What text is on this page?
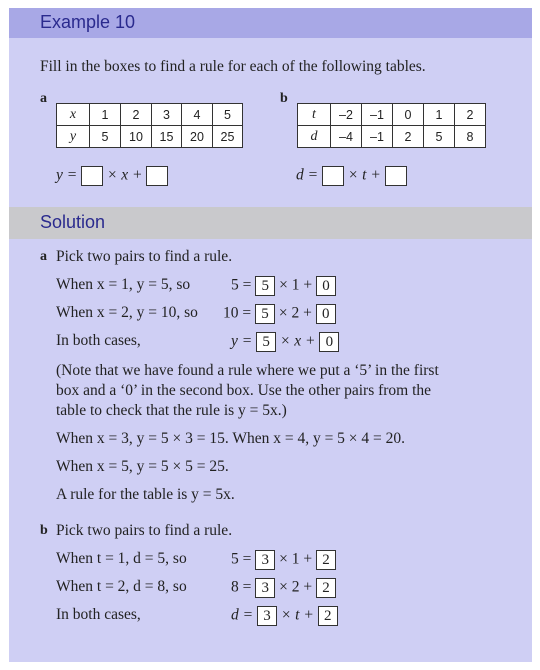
Example 10
Fill in the boxes to find a rule for each of the following tables.
a	b
x	1	2	3	4	5
y	5	10	15	20	25
t	–2	–1	0	1	2
d	–4	–1	2	5	8
y = × x +	d = × t +
Solution
a Pick two pairs to find a rule.
When x = 1, y = 5, so	5 = 5 × 1 + 0
When x = 2, y = 10, so 10 = 5 × 2 + 0
In both cases,	y = 5 × x + 0
(Note that we have found a rule where we put a ‘5’ in the first
box and a ‘0’ in the second box. Use the other pairs from the
table to check that the rule is y = 5x.)
When x = 3, y = 5 × 3 = 15. When x = 4, y = 5 × 4 = 20.
When x = 5, y = 5 × 5 = 25.
A rule for the table is y = 5x.
b Pick two pairs to find a rule.
When t = 1, d = 5, so	5 = 3 × 1 + 2
When t = 2, d = 8, so	8 = 3 × 2 + 2
In both cases,	d = 3 × t + 2
